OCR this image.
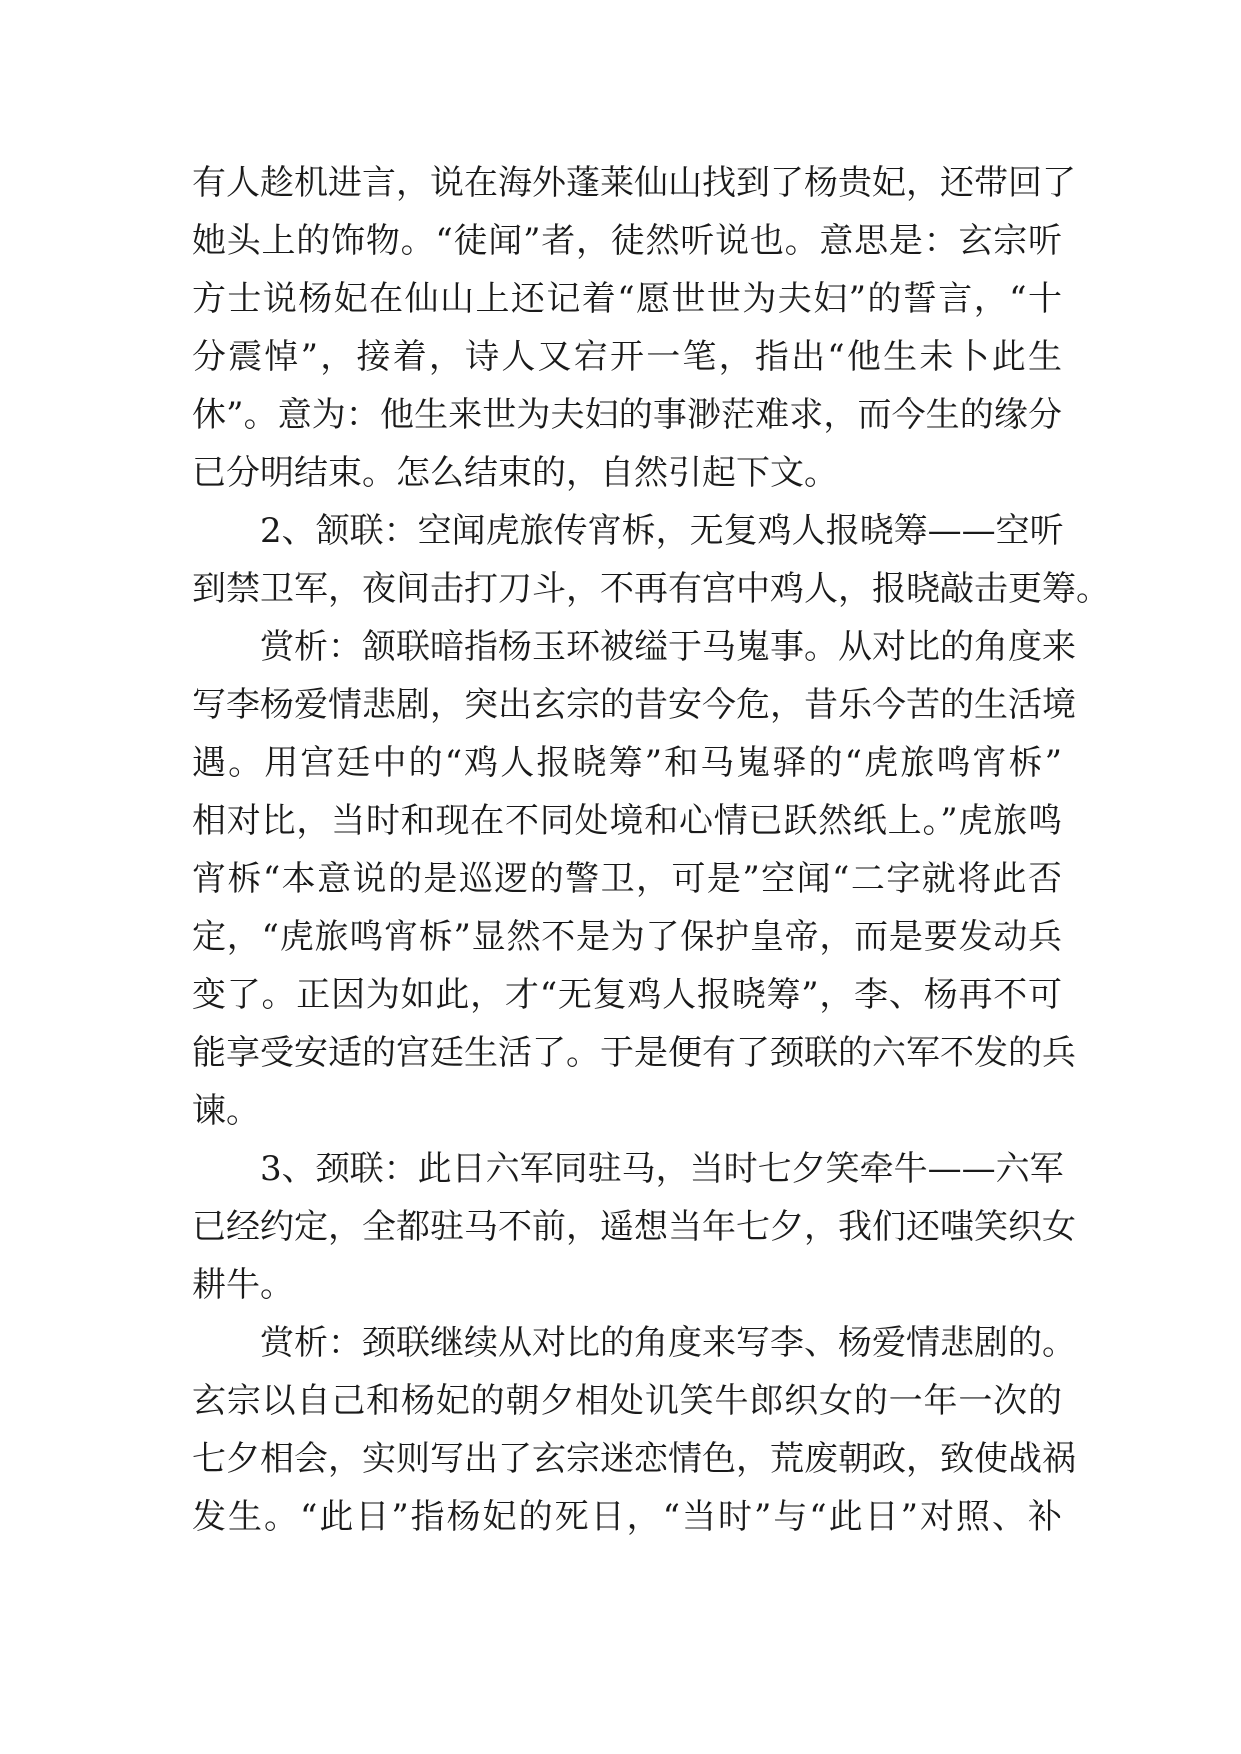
有人趁机进言，说在海外蓬莱仙山找到了杨贵妃，还带回了
她头上的饰物。“徒闻”者，徒然听说也。意思是：玄宗听
方士说杨妃在仙山上还记着“愿世世为夫妇”的誓言，“十
分震悼”，接着，诗人又宕开一笔，指出“他生未卜此生
休”。意为：他生来世为夫妇的事渺茫难求，而今生的缘分
已分明结束。怎么结束的，自然引起下文。
2、颔联：空闻虎旅传宵柝，无复鸡人报晓筹——空听
到禁卫军，夜间击打刀斗，不再有宫中鸡人，报晓敲击更筹。
赏析：颔联暗指杨玉环被缢于马嵬事。从对比的角度来
写李杨爱情悲剧，突出玄宗的昔安今危，昔乐今苦的生活境
遇。用宫廷中的“鸡人报晓筹”和马嵬驿的“虎旅鸣宵柝”
相对比，当时和现在不同处境和心情已跃然纸上。”虎旅鸣
宵柝“本意说的是巡逻的警卫，可是”空闻“二字就将此否
定，“虎旅鸣宵柝”显然不是为了保护皇帝，而是要发动兵
变了。正因为如此，才“无复鸡人报晓筹”，李、杨再不可
能享受安适的宫廷生活了。于是便有了颈联的六军不发的兵
谏。
3、颈联：此日六军同驻马，当时七夕笑牵牛——六军
已经约定，全都驻马不前，遥想当年七夕，我们还嗤笑织女
耕牛。
赏析：颈联继续从对比的角度来写李、杨爱情悲剧的。
玄宗以自己和杨妃的朝夕相处讥笑牛郎织女的一年一次的
七夕相会，实则写出了玄宗迷恋情色，荒废朝政，致使战祸
发生。“此日”指杨妃的死日，“当时”与“此日”对照、补
